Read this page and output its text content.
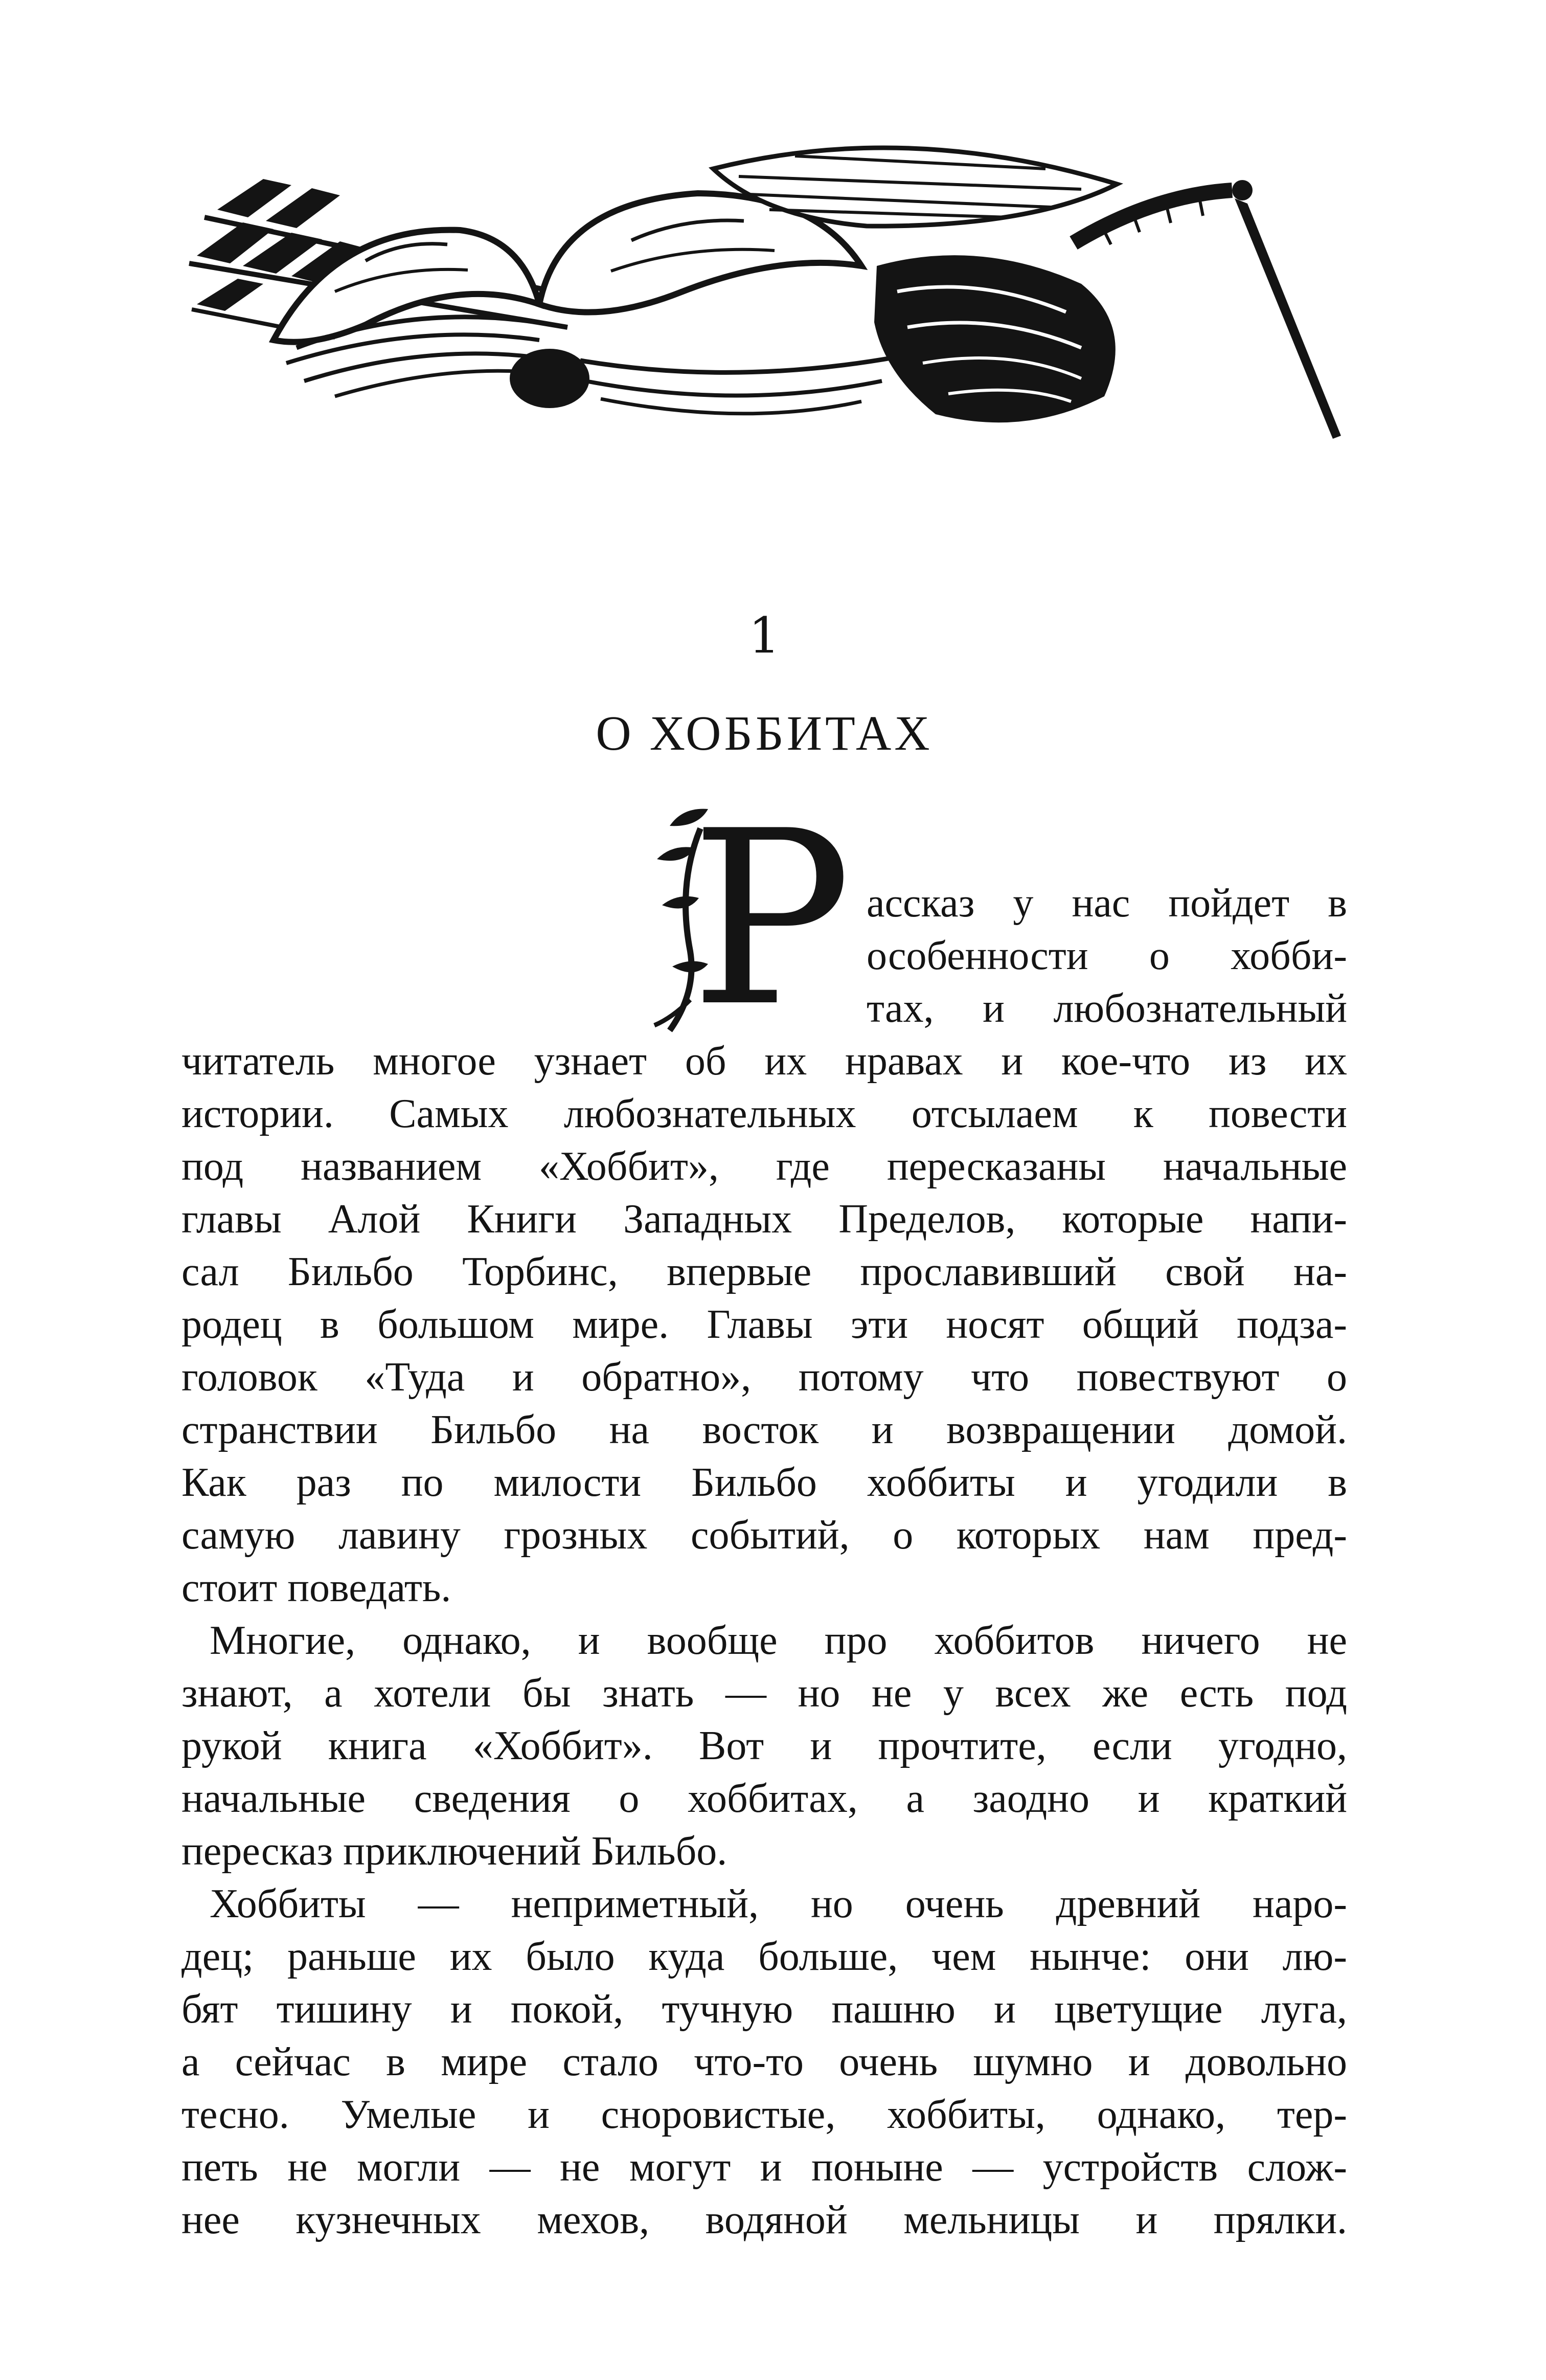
1
О ХОББИТАХ
Р ассказ у нас пойдет в
особенности о хобби-
тах, и любознательный
читатель многое узнает об их нравах и кое-что из их
истории. Самых любознательных отсылаем к повести
под названием «Хоббит», где пересказаны начальные
главы Алой Книги Западных Пределов, которые напи-
сал Бильбо Торбинс, впервые прославивший свой на-
родец в большом мире. Главы эти носят общий подза-
головок «Туда и обратно», потому что повествуют о
странствии Бильбо на восток и возвращении домой.
Как раз по милости Бильбо хоббиты и угодили в
самую лавину грозных событий, о которых нам пред-
стоит поведать.
Многие, однако, и вообще про хоббитов ничего не
знают, а хотели бы знать — но не у всех же есть под
рукой книга «Хоббит». Вот и прочтите, если угодно,
начальные сведения о хоббитах, а заодно и краткий
пересказ приключений Бильбо.
Хоббиты — неприметный, но очень древний наро-
дец; раньше их было куда больше, чем нынче: они лю-
бят тишину и покой, тучную пашню и цветущие луга,
а сейчас в мире стало что-то очень шумно и довольно
тесно. Умелые и сноровистые, хоббиты, однако, тер-
петь не могли — не могут и поныне — устройств слож-
нее кузнечных мехов, водяной мельницы и прялки.
